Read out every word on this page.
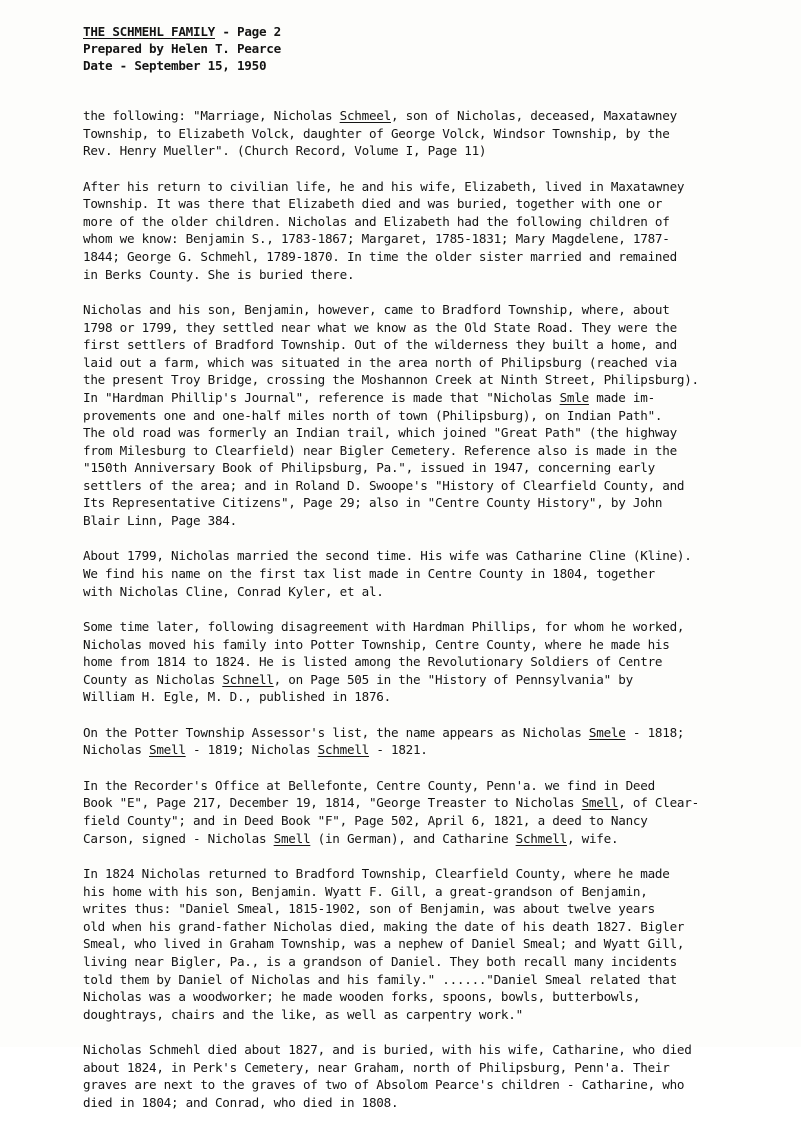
THE SCHMEHL FAMILY - Page 2
Prepared by Helen T. Pearce
Date - September 15, 1950
the following: "Marriage, Nicholas Schmeel, son of Nicholas, deceased, Maxatawney
Township, to Elizabeth Volck, daughter of George Volck, Windsor Township, by the
Rev. Henry Mueller". (Church Record, Volume I, Page 11)
After his return to civilian life, he and his wife, Elizabeth, lived in Maxatawney
Township. It was there that Elizabeth died and was buried, together with one or
more of the older children. Nicholas and Elizabeth had the following children of
whom we know: Benjamin S., 1783-1867; Margaret, 1785-1831; Mary Magdelene, 1787-
1844; George G. Schmehl, 1789-1870. In time the older sister married and remained
in Berks County. She is buried there.
Nicholas and his son, Benjamin, however, came to Bradford Township, where, about
1798 or 1799, they settled near what we know as the Old State Road. They were the
first settlers of Bradford Township. Out of the wilderness they built a home, and
laid out a farm, which was situated in the area north of Philipsburg (reached via
the present Troy Bridge, crossing the Moshannon Creek at Ninth Street, Philipsburg).
In "Hardman Phillip's Journal", reference is made that "Nicholas Smle made im-
provements one and one-half miles north of town (Philipsburg), on Indian Path".
The old road was formerly an Indian trail, which joined "Great Path" (the highway
from Milesburg to Clearfield) near Bigler Cemetery. Reference also is made in the
"150th Anniversary Book of Philipsburg, Pa.", issued in 1947, concerning early
settlers of the area; and in Roland D. Swoope's "History of Clearfield County, and
Its Representative Citizens", Page 29; also in "Centre County History", by John
Blair Linn, Page 384.
About 1799, Nicholas married the second time. His wife was Catharine Cline (Kline).
We find his name on the first tax list made in Centre County in 1804, together
with Nicholas Cline, Conrad Kyler, et al.
Some time later, following disagreement with Hardman Phillips, for whom he worked,
Nicholas moved his family into Potter Township, Centre County, where he made his
home from 1814 to 1824. He is listed among the Revolutionary Soldiers of Centre
County as Nicholas Schnell, on Page 505 in the "History of Pennsylvania" by
William H. Egle, M. D., published in 1876.
On the Potter Township Assessor's list, the name appears as Nicholas Smele - 1818;
Nicholas Smell - 1819; Nicholas Schmell - 1821.
In the Recorder's Office at Bellefonte, Centre County, Penn'a. we find in Deed
Book "E", Page 217, December 19, 1814, "George Treaster to Nicholas Smell, of Clear-
field County"; and in Deed Book "F", Page 502, April 6, 1821, a deed to Nancy
Carson, signed - Nicholas Smell (in German), and Catharine Schmell, wife.
In 1824 Nicholas returned to Bradford Township, Clearfield County, where he made
his home with his son, Benjamin. Wyatt F. Gill, a great-grandson of Benjamin,
writes thus: "Daniel Smeal, 1815-1902, son of Benjamin, was about twelve years
old when his grand-father Nicholas died, making the date of his death 1827. Bigler
Smeal, who lived in Graham Township, was a nephew of Daniel Smeal; and Wyatt Gill,
living near Bigler, Pa., is a grandson of Daniel. They both recall many incidents
told them by Daniel of Nicholas and his family." ......"Daniel Smeal related that
Nicholas was a woodworker; he made wooden forks, spoons, bowls, butterbowls,
doughtrays, chairs and the like, as well as carpentry work."
Nicholas Schmehl died about 1827, and is buried, with his wife, Catharine, who died
about 1824, in Perk's Cemetery, near Graham, north of Philipsburg, Penn'a. Their
graves are next to the graves of two of Absolom Pearce's children - Catharine, who
died in 1804; and Conrad, who died in 1808.
